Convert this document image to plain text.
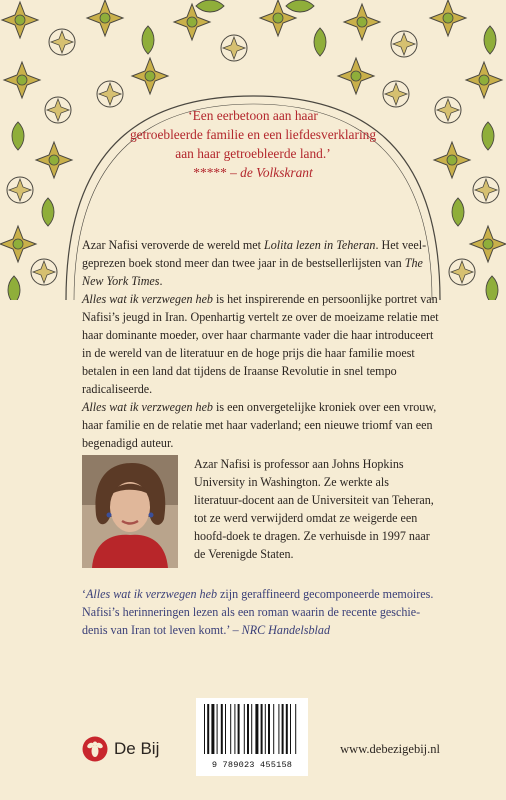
‘Een eerbetoon aan haar
getroebleerde familie en een liefdesverklaring
aan haar getroebleerde land.’
***** – de Volkskrant

Azar Nafisi veroverde de wereld met Lolita lezen in Teheran. Het veel-geprezen boek stond meer dan twee jaar in de bestsellerlijsten van The New York Times.

Alles wat ik verzwegen heb is het inspirerende en persoonlijke portret van Nafisi’s jeugd in Iran. Openhartig vertelt ze over de moeizame relatie met haar dominante moeder, over haar charmante vader die haar introduceert in de wereld van de literatuur en de hoge prijs die haar familie moest betalen in een land dat tijdens de Iraanse Revolutie in snel tempo radicaliseerde.

Alles wat ik verzwegen heb is een onvergetelijke kroniek over een vrouw, haar familie en de relatie met haar vaderland; een nieuwe triomf van een begenadigd auteur.

Azar Nafisi is professor aan Johns Hopkins University in Washington. Ze werkte als literatuur-docent aan de Universiteit van Teheran, tot ze werd verwijderd omdat ze weigerde een hoofd-doek te dragen. Ze verhuisde in 1997 naar de Verenigde Staten.
‘Alles wat ik verzwegen heb zijn geraffineerd gecomponeerde memoires. Nafisi’s herinneringen lezen als een roman waarin de recente geschiedenis van Iran tot leven komt.’ – NRC Handelsblad
De Bij
9 789023 455158
www.debezigebij.nl
